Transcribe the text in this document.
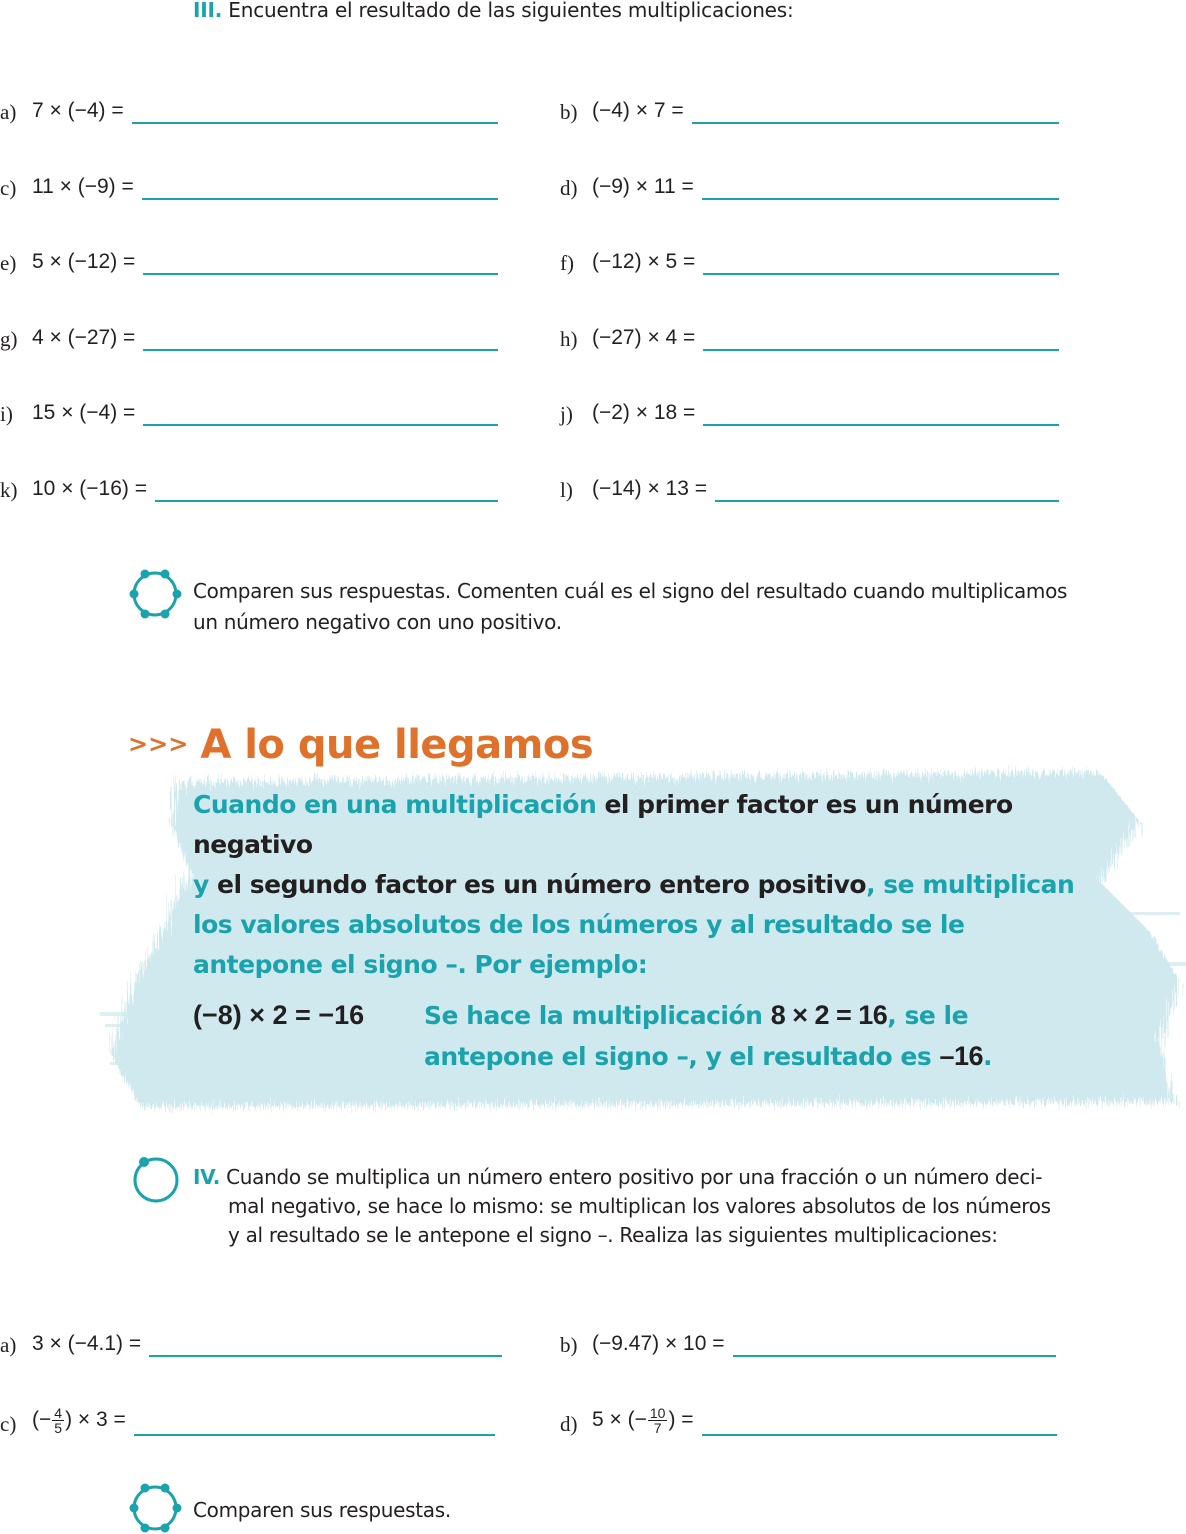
III. Encuentra el resultado de las siguientes multiplicaciones:
a) 7 × (−4) =	b) (−4) × 7 =
c) 11 × (−9) =	d) (−9) × 11 =
e) 5 × (−12) =	f) (−12) × 5 =
g) 4 × (−27) =	h) (−27) × 4 =
i) 15 × (−4) =	j) (−2) × 18 =
k) 10 × (−16) =	l) (−14) × 13 =
Comparen sus respuestas. Comenten cuál es el signo del resultado cuando multiplicamos
un número negativo con uno positivo.
>>> A lo que llegamos
Cuando en una multiplicación el primer factor es un número negativo
y el segundo factor es un número entero positivo, se multiplican los valores absolutos de los números y al resultado se le antepone el signo –. Por ejemplo:
(−8) × 2 = −16 Se hace la multiplicación 8 × 2 = 16, se le antepone el signo –, y el resultado es –16.
IV. Cuando se multiplica un número entero positivo por una fracción o un número deci-
mal negativo, se hace lo mismo: se multiplican los valores absolutos de los números
y al resultado se le antepone el signo –. Realiza las siguientes multiplicaciones:
a) 3 × (−4.1) =	b) (−9.47) × 10 =
c) (− $\frac{4}{5}$ ) × 3 =	d) 5 × (− $\frac{10}{7}$ ) =
Comparen sus respuestas.
